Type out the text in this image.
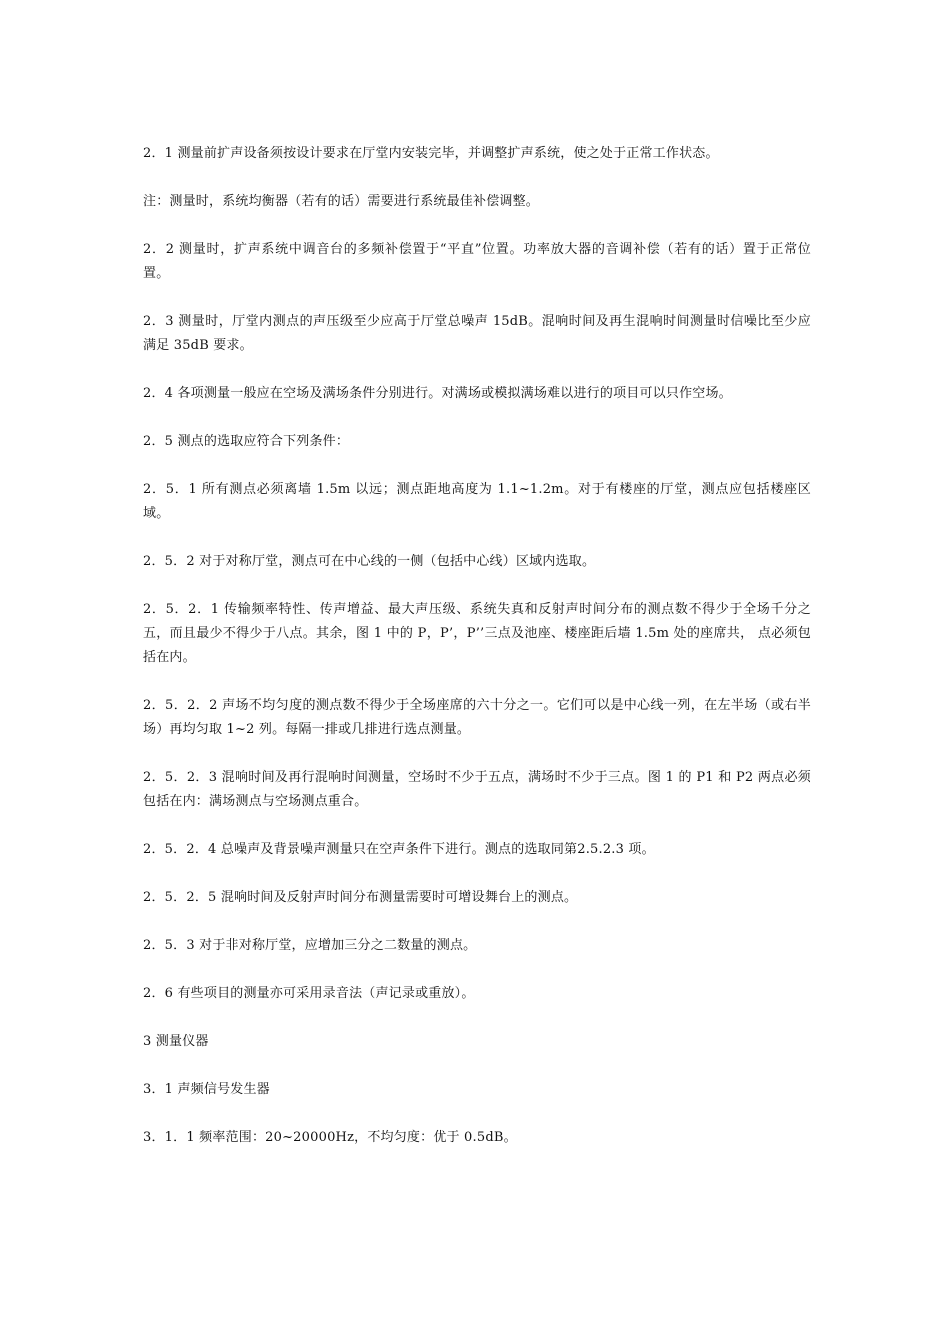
2．1 测量前扩声设备须按设计要求在厅堂内安装完毕，并调整扩声系统，使之处于正常工作状态。

注：测量时，系统均衡器（若有的话）需要进行系统最佳补偿调整。

2．2 测量时，扩声系统中调音台的多频补偿置于“平直”位置。功率放大器的音调补偿（若有的话）置于正常位置。

2．3 测量时，厅堂内测点的声压级至少应高于厅堂总噪声 15dB。混响时间及再生混响时间测量时信噪比至少应满足 35dB 要求。

2．4 各项测量一般应在空场及满场条件分别进行。对满场或模拟满场难以进行的项目可以只作空场。

2．5 测点的选取应符合下列条件：

2．5．1 所有测点必须离墙 1.5m 以远；测点距地高度为 1.1~1.2m。对于有楼座的厅堂，测点应包括楼座区域。

2．5．2 对于对称厅堂，测点可在中心线的一侧（包括中心线）区域内选取。

2．5．2．1 传输频率特性、传声增益、最大声压级、系统失真和反射声时间分布的测点数不得少于全场千分之五，而且最少不得少于八点。其余，图 1 中的 P，P’，P’’三点及池座、楼座距后墙 1.5m 处的座席共， 点必须包括在内。

2．5．2．2 声场不均匀度的测点数不得少于全场座席的六十分之一。它们可以是中心线一列，在左半场（或右半场）再均匀取 1~2 列。每隔一排或几排进行选点测量。

2．5．2．3 混响时间及再行混响时间测量，空场时不少于五点，满场时不少于三点。图 1 的 P1 和 P2 两点必须包括在内：满场测点与空场测点重合。

2．5．2．4 总噪声及背景噪声测量只在空声条件下进行。测点的选取同第2.5.2.3 项。

2．5．2．5 混响时间及反射声时间分布测量需要时可增设舞台上的测点。

2．5．3 对于非对称厅堂，应增加三分之二数量的测点。

2．6 有些项目的测量亦可采用录音法（声记录或重放）。

3 测量仪器

3．1 声频信号发生器

3．1．1 频率范围：20~20000Hz，不均匀度：优于 0.5dB。
